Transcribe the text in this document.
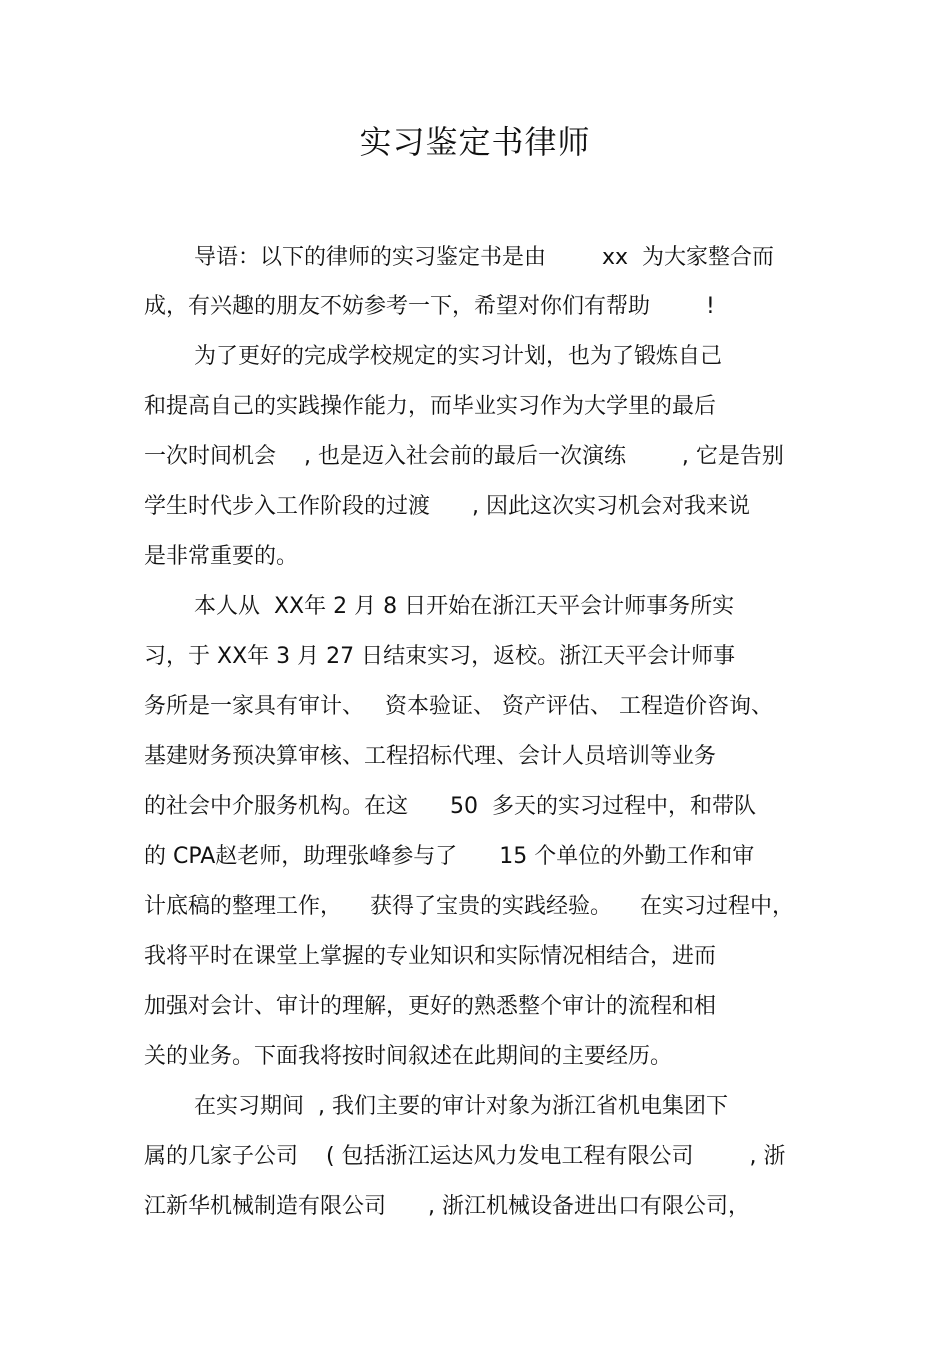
实习鉴定书律师
导语：以下的律师的实习鉴定书是由        xx  为大家整合而
成，有兴趣的朋友不妨参考一下，希望对你们有帮助        !
为了更好的完成学校规定的实习计划，也为了锻炼自己
和提高自己的实践操作能力，而毕业实习作为大学里的最后
一次时间机会    , 也是迈入社会前的最后一次演练        , 它是告别
学生时代步入工作阶段的过渡      , 因此这次实习机会对我来说
是非常重要的。
本人从  XX年 2 月 8 日开始在浙江天平会计师事务所实
习，于 XX年 3 月 27 日结束实习，返校。浙江天平会计师事
务所是一家具有审计、   资本验证、 资产评估、 工程造价咨询、
基建财务预决算审核、工程招标代理、会计人员培训等业务
的社会中介服务机构。在这      50  多天的实习过程中，和带队
的 CPA赵老师，助理张峰参与了      15 个单位的外勤工作和审
计底稿的整理工作，    获得了宝贵的实践经验。    在实习过程中，
我将平时在课堂上掌握的专业知识和实际情况相结合，进而
加强对会计、审计的理解，更好的熟悉整个审计的流程和相
关的业务。下面我将按时间叙述在此期间的主要经历。
在实习期间  , 我们主要的审计对象为浙江省机电集团下
属的几家子公司    ( 包括浙江运达风力发电工程有限公司        , 浙
江新华机械制造有限公司      , 浙江机械设备进出口有限公司，
